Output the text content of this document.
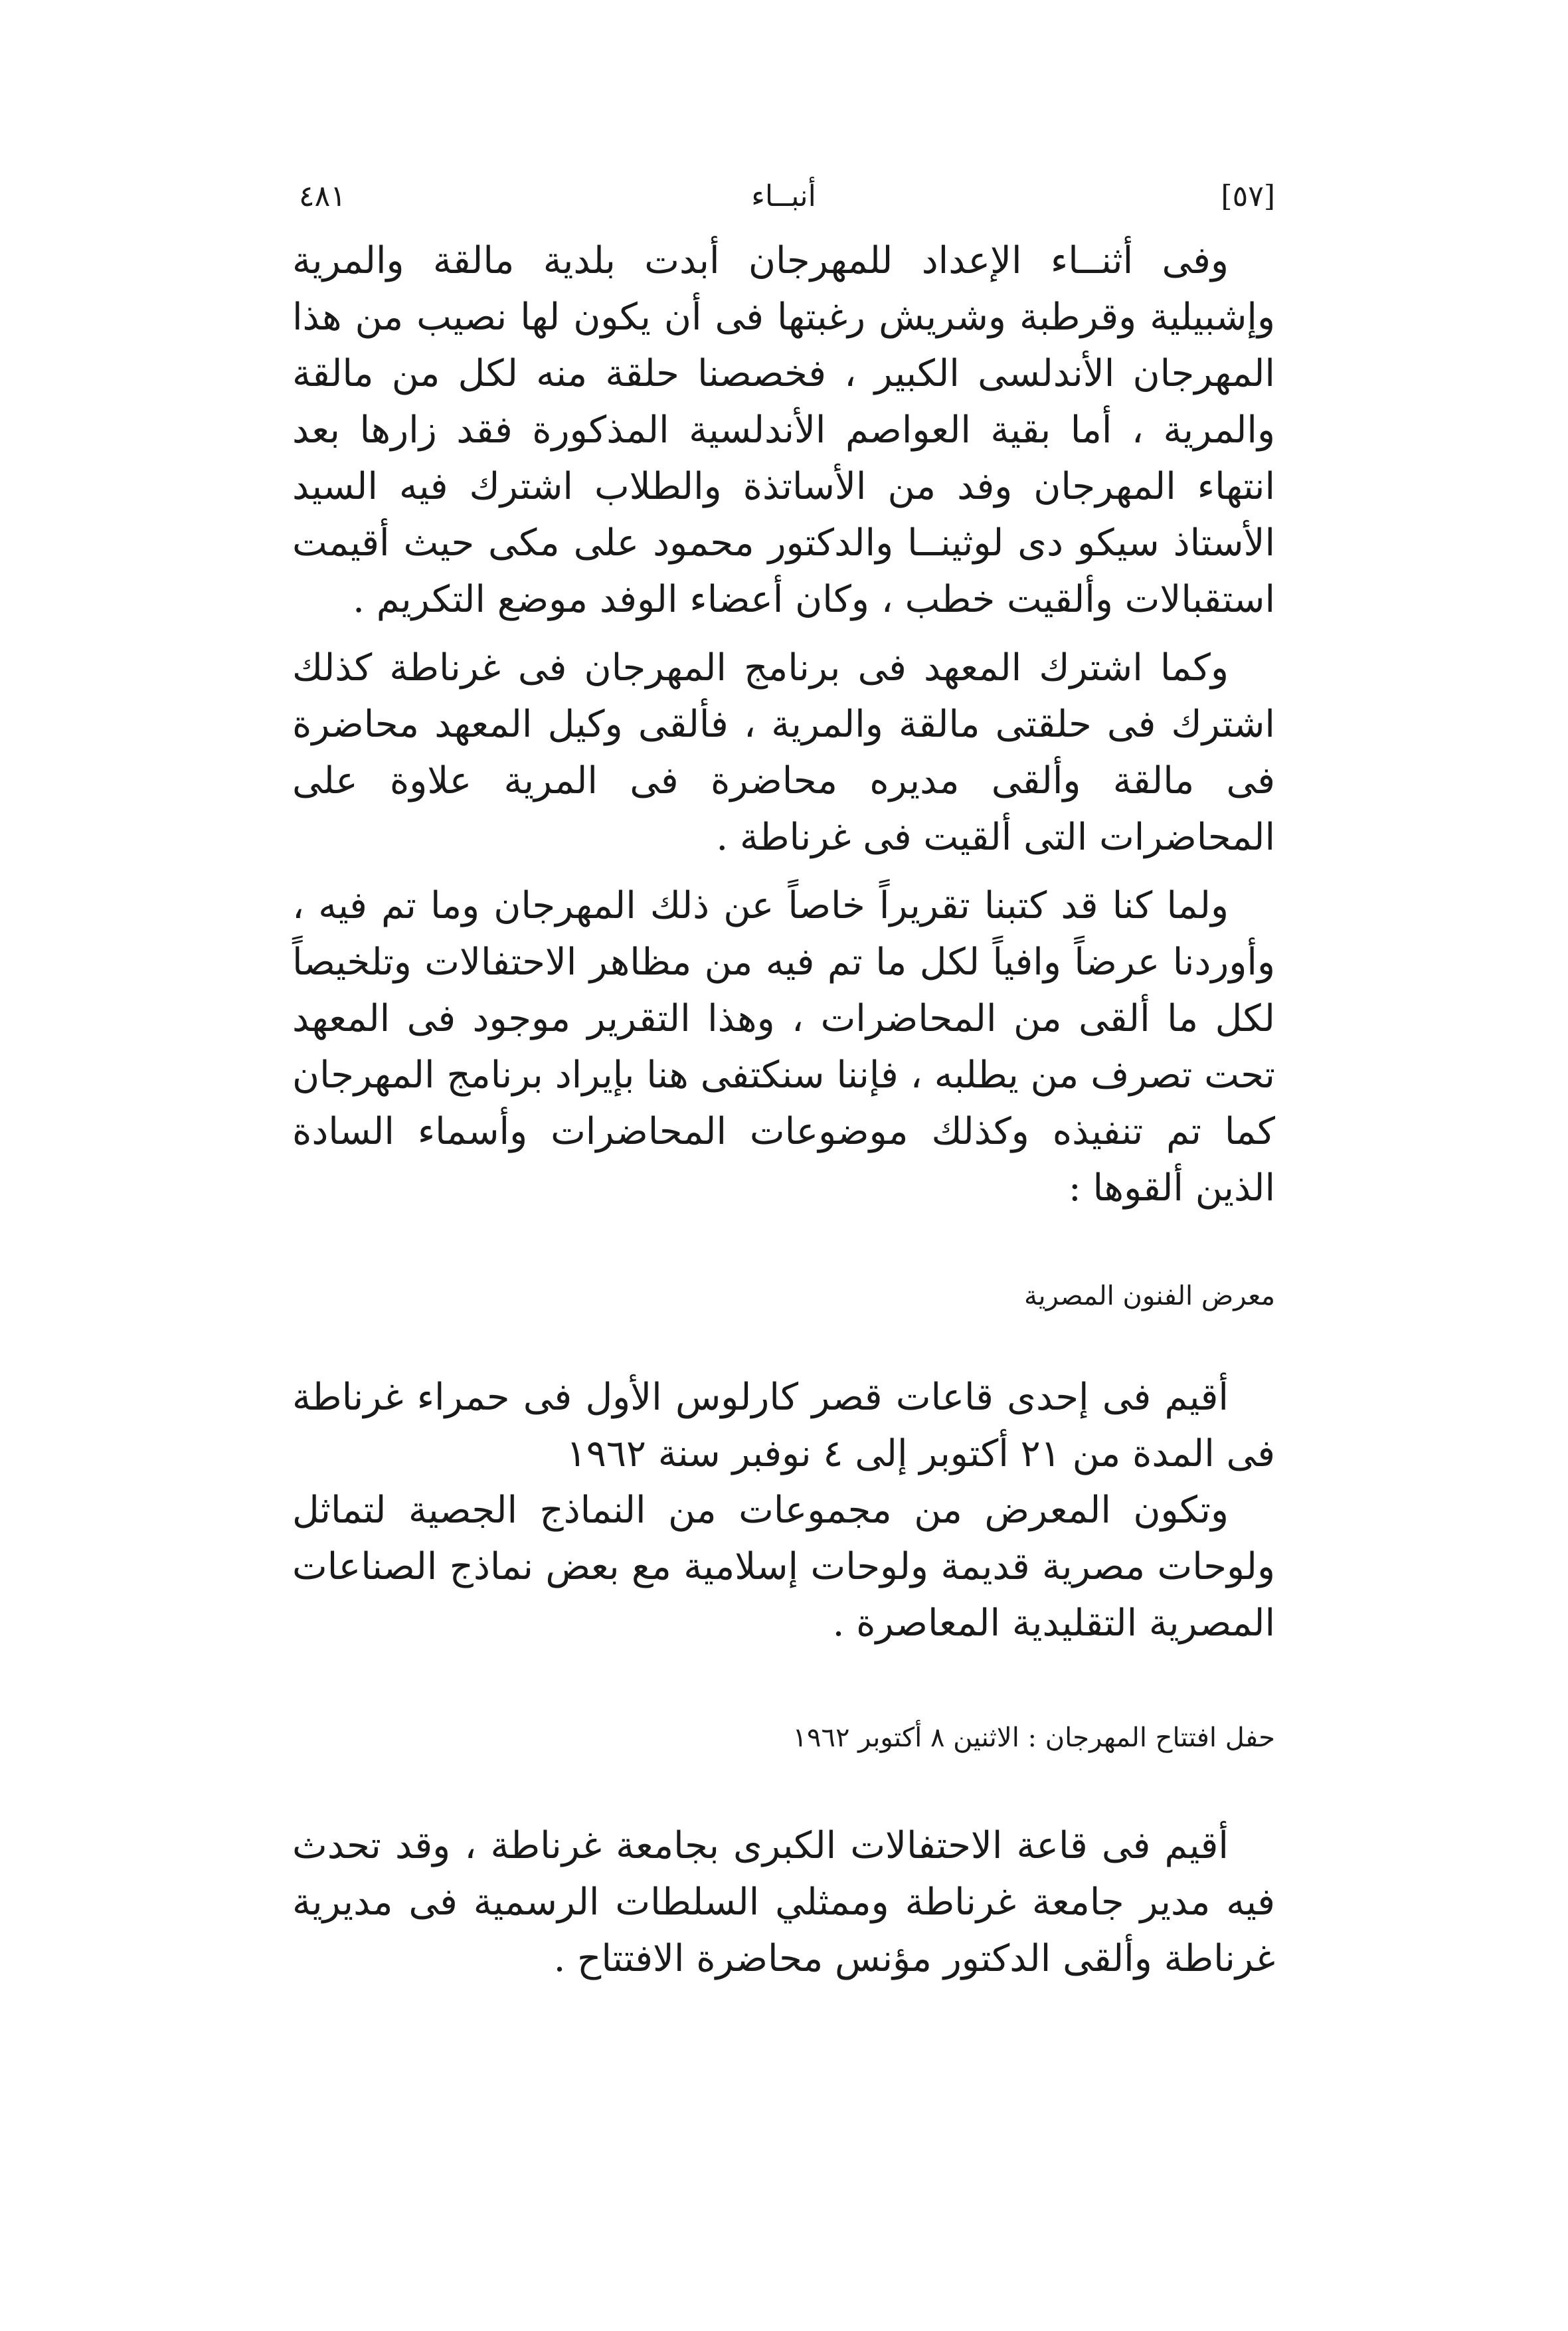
٤٨١	أنبــاء	[٥٧]

وفى أثنــاء الإعداد للمهرجان أبدت بلدية مالقة والمرية وإشبيلية وقرطبة وشريش رغبتها فى أن يكون لها نصيب من هذا المهرجان الأندلسى الكبير ، فخصصنا حلقة منه لكل من مالقة والمرية ، أما بقية العواصم الأندلسية المذكورة فقد زارها بعد انتهاء المهرجان وفد من الأساتذة والطلاب اشترك فيه السيد الأستاذ سيكو دى لوثينــا والدكتور محمود على مكى حيث أقيمت استقبالات وألقيت خطب ، وكان أعضاء الوفد موضع التكريم .

وكما اشترك المعهد فى برنامج المهرجان فى غرناطة كذلك اشترك فى حلقتى مالقة والمرية ، فألقى وكيل المعهد محاضرة فى مالقة وألقى مديره محاضرة فى المرية علاوة على المحاضرات التى ألقيت فى غرناطة .

ولما كنا قد كتبنا تقريراً خاصاً عن ذلك المهرجان وما تم فيه ، وأوردنا عرضاً وافياً لكل ما تم فيه من مظاهر الاحتفالات وتلخيصاً لكل ما ألقى من المحاضرات ، وهذا التقرير موجود فى المعهد تحت تصرف من يطلبه ، فإننا سنكتفى هنا بإيراد برنامج المهرجان كما تم تنفيذه وكذلك موضوعات المحاضرات وأسماء السادة الذين ألقوها :

معرض الفنون المصرية

أقيم فى إحدى قاعات قصر كارلوس الأول فى حمراء غرناطة فى المدة من ٢١ أكتوبر إلى ٤ نوفبر سنة ١٩٦٢

وتكون المعرض من مجموعات من النماذج الجصية لتماثل ولوحات مصرية قديمة ولوحات إسلامية مع بعض نماذج الصناعات المصرية التقليدية المعاصرة .

حفل افتتاح المهرجان : الاثنين ٨ أكتوبر ١٩٦٢

أقيم فى قاعة الاحتفالات الكبرى بجامعة غرناطة ، وقد تحدث فيه مدير جامعة غرناطة وممثلي السلطات الرسمية فى مديرية غرناطة وألقى الدكتور مؤنس محاضرة الافتتاح .
